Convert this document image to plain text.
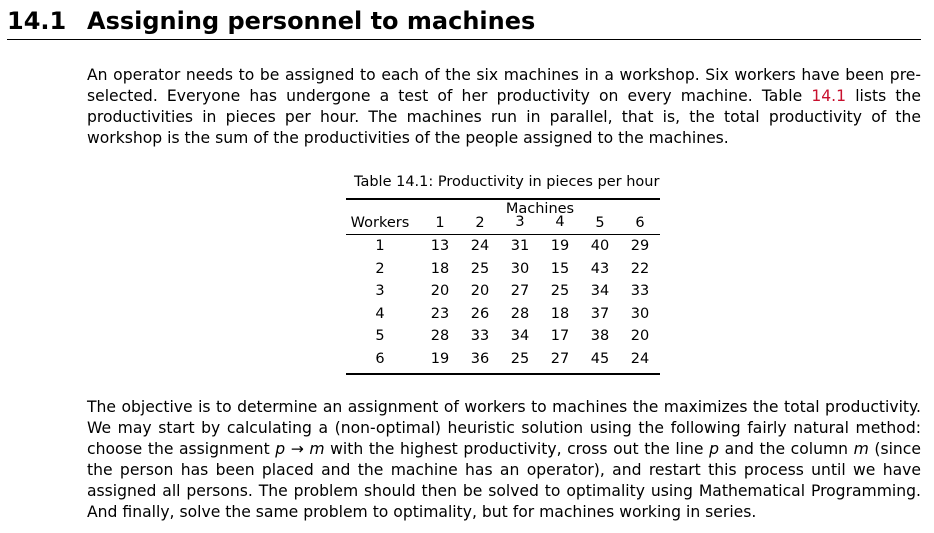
14.1 Assigning personnel to machines
An operator needs to be assigned to each of the six machines in a workshop. Six workers have been pre-selected. Everyone has undergone a test of her productivity on every machine. Table 14.1 lists the productivities in pieces per hour. The machines run in parallel, that is, the total productivity of the workshop is the sum of the productivities of the people assigned to the machines.
Table 14.1: Productivity in pieces per hour
Machines
Workers	1	2	3	4	5	6
1	13	24	31	19	40	29
2	18	25	30	15	43	22
3	20	20	27	25	34	33
4	23	26	28	18	37	30
5	28	33	34	17	38	20
6	19	36	25	27	45	24
The objective is to determine an assignment of workers to machines the maximizes the total productivity. We may start by calculating a (non-optimal) heuristic solution using the following fairly natural method: choose the assignment p → m with the highest productivity, cross out the line p and the column m (since the person has been placed and the machine has an operator), and restart this process until we have assigned all persons. The problem should then be solved to optimality using Mathematical Programming. And finally, solve the same problem to optimality, but for machines working in series.
